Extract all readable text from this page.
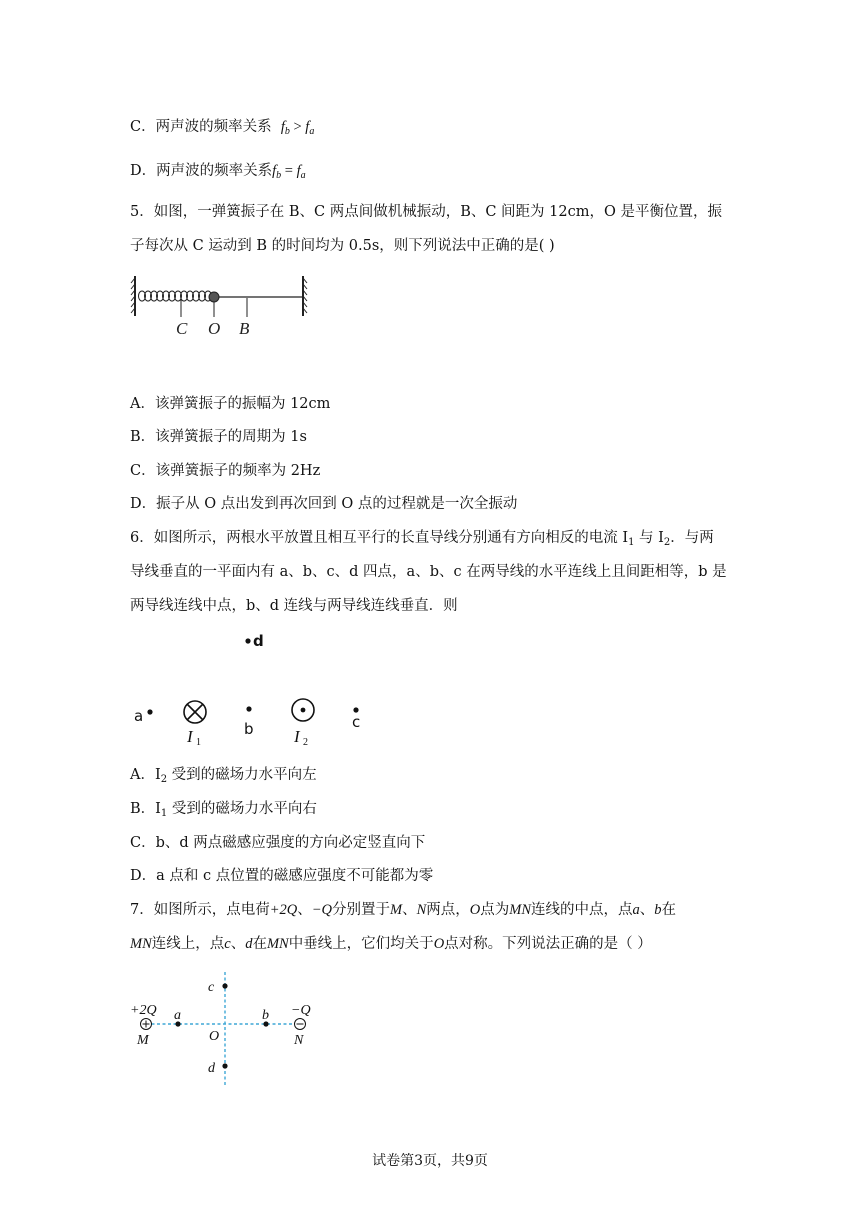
C．两声波的频率关系 $f_b > f_a$
D．两声波的频率关系$f_b = f_a$
5．如图，一弹簧振子在 B、C 两点间做机械振动，B、C 间距为 12cm，O 是平衡位置，振
子每次从 C 运动到 B 的时间均为 0.5s，则下列说法中正确的是( )
C O B
A．该弹簧振子的振幅为 12cm
B．该弹簧振子的周期为 1s
C．该弹簧振子的频率为 2Hz
D．振子从 O 点出发到再次回到 O 点的过程就是一次全振动
6．如图所示，两根水平放置且相互平行的长直导线分别通有方向相反的电流 $I_1$ 与 $I_2$．与两
导线垂直的一平面内有 a、b、c、d 四点，a、b、c 在两导线的水平连线上且间距相等，b 是
两导线连线中点，b、d 连线与两导线连线垂直．则
d
a
I 1
b I 2
c
A．$I_2$ 受到的磁场力水平向左
B．$I_1$ 受到的磁场力水平向右
C．b、d 两点磁感应强度的方向必定竖直向下
D．a 点和 c 点位置的磁感应强度不可能都为零
7．如图所示，点电荷+2Q、−Q分别置于M、N两点，O点为MN连线的中点，点a、b在
MN连线上，点c、d在MN中垂线上，它们均关于O点对称。下列说法正确的是（ ）
c
d
+2Q
M
a
O
b −Q
N
试卷第3页，共9页
